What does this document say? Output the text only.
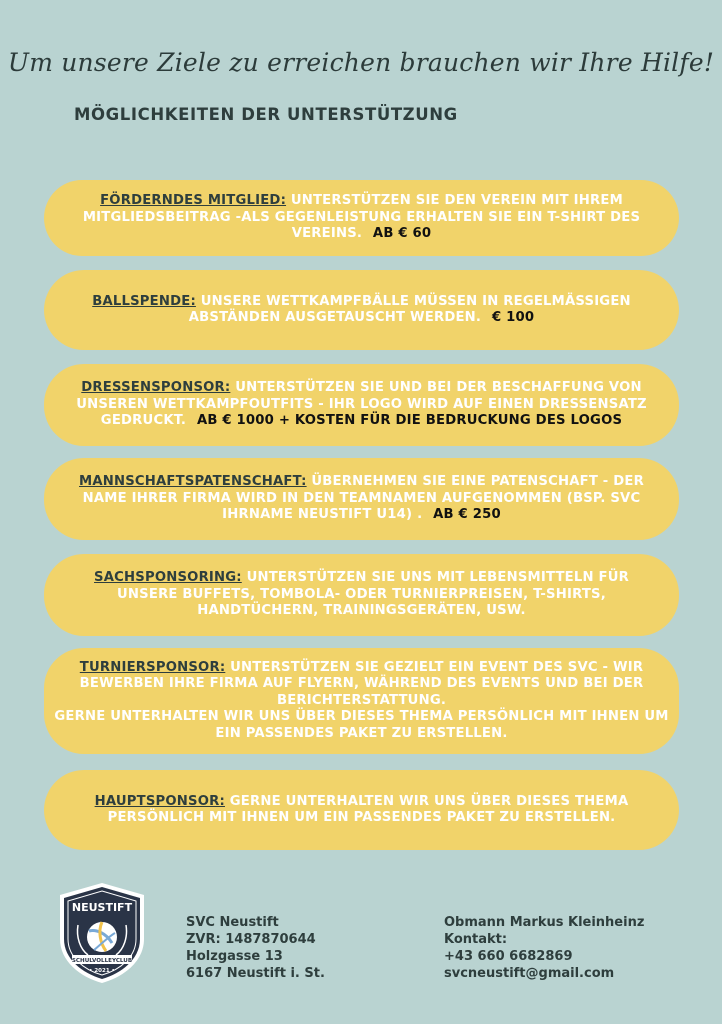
Um unsere Ziele zu erreichen brauchen wir Ihre Hilfe!
MÖGLICHKEITEN DER UNTERSTÜTZUNG
FÖRDERNDES MITGLIED: UNTERSTÜTZEN SIE DEN VEREIN MIT IHREM MITGLIEDSBEITRAG -ALS GEGENLEISTUNG ERHALTEN SIE EIN T-SHIRT DES VEREINS. AB € 60
BALLSPENDE: UNSERE WETTKAMPFBÄLLE MÜSSEN IN REGELMÄSSIGEN ABSTÄNDEN AUSGETAUSCHT WERDEN. € 100
DRESSENSPONSOR: UNTERSTÜTZEN SIE UND BEI DER BESCHAFFUNG VON UNSEREN WETTKAMPFOUTFITS - IHR LOGO WIRD AUF EINEN DRESSENSATZ GEDRUCKT. AB € 1000 + KOSTEN FÜR DIE BEDRUCKUNG DES LOGOS
MANNSCHAFTSPATENSCHAFT: ÜBERNEHMEN SIE EINE PATENSCHAFT - DER NAME IHRER FIRMA WIRD IN DEN TEAMNAMEN AUFGENOMMEN (BSP. SVC IHRNAME NEUSTIFT U14) . AB € 250
SACHSPONSORING: UNTERSTÜTZEN SIE UNS MIT LEBENSMITTELN FÜR UNSERE BUFFETS, TOMBOLA- ODER TURNIERPREISEN, T-SHIRTS, HANDTÜCHERN, TRAININGSGERÄTEN, USW.
TURNIERSPONSOR: UNTERSTÜTZEN SIE GEZIELT EIN EVENT DES SVC - WIR BEWERBEN IHRE FIRMA AUF FLYERN, WÄHREND DES EVENTS UND BEI DER BERICHTERSTATTUNG.
GERNE UNTERHALTEN WIR UNS ÜBER DIESES THEMA PERSÖNLICH MIT IHNEN UM EIN PASSENDES PAKET ZU ERSTELLEN.
HAUPTSPONSOR: GERNE UNTERHALTEN WIR UNS ÜBER DIESES THEMA PERSÖNLICH MIT IHNEN UM EIN PASSENDES PAKET ZU ERSTELLEN.
NEUSTIFT
SCHULVOLLEYCLUB
• 2021 •
SVC Neustift
ZVR: 1487870644
Holzgasse 13
6167 Neustift i. St.
Obmann Markus Kleinheinz
Kontakt:
+43 660 6682869
svcneustift@gmail.com
